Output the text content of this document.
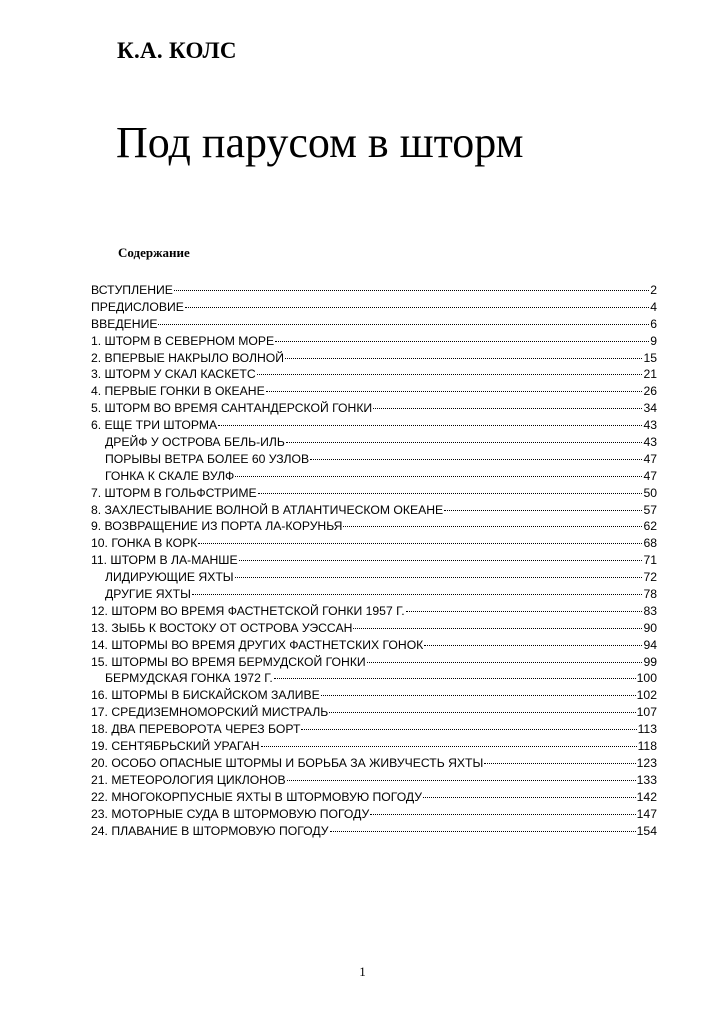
К.А. КОЛС
Под парусом в шторм
Содержание
ВСТУПЛЕНИЕ	2
ПРЕДИСЛОВИЕ	4
ВВЕДЕНИЕ	6
1. ШТОРМ В СЕВЕРНОМ МОРЕ	9
2. ВПЕРВЫЕ НАКРЫЛО ВОЛНОЙ	15
3. ШТОРМ У СКАЛ КАСКЕТС	21
4. ПЕРВЫЕ ГОНКИ В ОКЕАНЕ	26
5. ШТОРМ ВО ВРЕМЯ САНТАНДЕРСКОЙ ГОНКИ	34
6. ЕЩЕ ТРИ ШТОРМА	43
ДРЕЙФ У ОСТРОВА БЕЛЬ-ИЛЬ	43
ПОРЫВЫ ВЕТРА БОЛЕЕ 60 УЗЛОВ	47
ГОНКА К СКАЛЕ ВУЛФ	47
7. ШТОРМ В ГОЛЬФСТРИМЕ	50
8. ЗАХЛЕСТЫВАНИЕ ВОЛНОЙ В АТЛАНТИЧЕСКОМ ОКЕАНЕ	57
9. ВОЗВРАЩЕНИЕ ИЗ ПОРТА ЛА-КОРУНЬЯ	62
10. ГОНКА В КОРК	68
11. ШТОРМ В ЛА-МАНШЕ	71
ЛИДИРУЮЩИЕ ЯХТЫ	72
ДРУГИЕ ЯХТЫ	78
12. ШТОРМ ВО ВРЕМЯ ФАСТНЕТСКОЙ ГОНКИ 1957 Г.	83
13. ЗЫБЬ К ВОСТОКУ ОТ ОСТРОВА УЭССАН	90
14. ШТОРМЫ ВО ВРЕМЯ ДРУГИХ ФАСТНЕТСКИХ ГОНОК	94
15. ШТОРМЫ ВО ВРЕМЯ БЕРМУДСКОЙ ГОНКИ	99
БЕРМУДСКАЯ ГОНКА 1972 Г.	100
16. ШТОРМЫ В БИСКАЙСКОМ ЗАЛИВЕ	102
17. СРЕДИЗЕМНОМОРСКИЙ МИСТРАЛЬ	107
18. ДВА ПЕРЕВОРОТА ЧЕРЕЗ БОРТ	113
19. СЕНТЯБРЬСКИЙ УРАГАН	118
20. ОСОБО ОПАСНЫЕ ШТОРМЫ И БОРЬБА ЗА ЖИВУЧЕСТЬ ЯХТЫ	123
21. МЕТЕОРОЛОГИЯ ЦИКЛОНОВ	133
22. МНОГОКОРПУСНЫЕ ЯХТЫ В ШТОРМОВУЮ ПОГОДУ	142
23. МОТОРНЫЕ СУДА В ШТОРМОВУЮ ПОГОДУ	147
24. ПЛАВАНИЕ В ШТОРМОВУЮ ПОГОДУ	154
1
